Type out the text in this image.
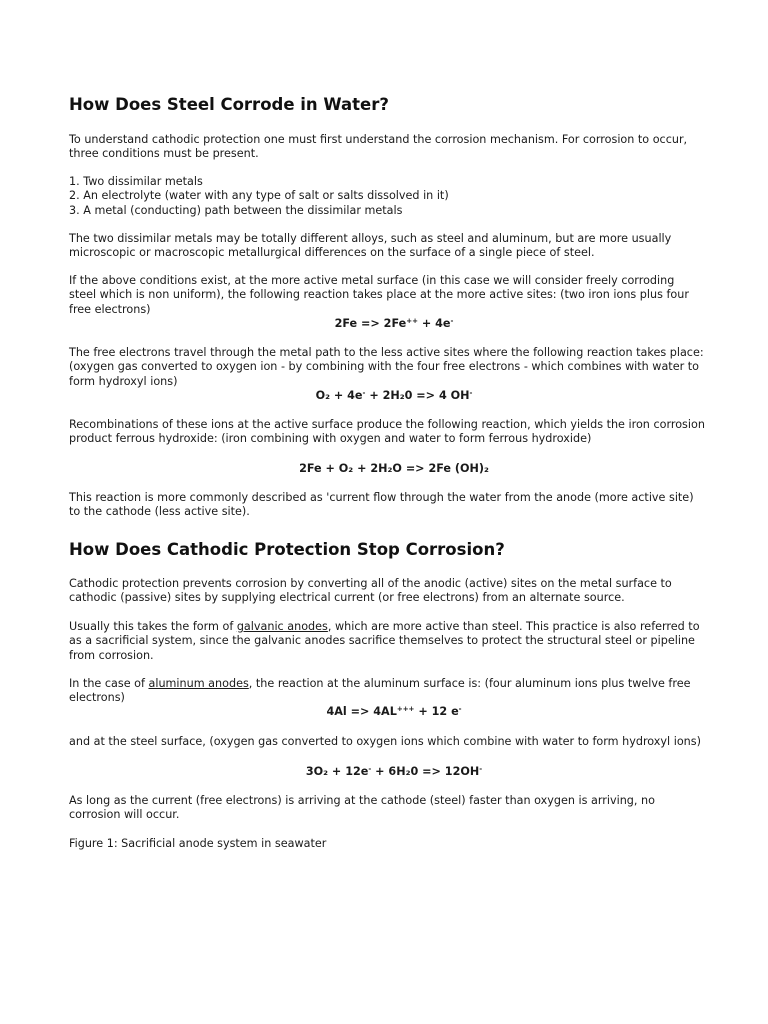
How Does Steel Corrode in Water?
To understand cathodic protection one must first understand the corrosion mechanism. For corrosion to occur,
three conditions must be present.
1. Two dissimilar metals
2. An electrolyte (water with any type of salt or salts dissolved in it)
3. A metal (conducting) path between the dissimilar metals
The two dissimilar metals may be totally different alloys, such as steel and aluminum, but are more usually
microscopic or macroscopic metallurgical differences on the surface of a single piece of steel.
If the above conditions exist, at the more active metal surface (in this case we will consider freely corroding
steel which is non uniform), the following reaction takes place at the more active sites: (two iron ions plus four
free electrons)
2Fe => 2Fe++ + 4e-
The free electrons travel through the metal path to the less active sites where the following reaction takes place:
(oxygen gas converted to oxygen ion - by combining with the four free electrons - which combines with water to
form hydroxyl ions)
O₂ + 4e- + 2H₂0 => 4 OH-
Recombinations of these ions at the active surface produce the following reaction, which yields the iron corrosion
product ferrous hydroxide: (iron combining with oxygen and water to form ferrous hydroxide)
2Fe + O₂ + 2H₂O => 2Fe (OH)₂
This reaction is more commonly described as 'current flow through the water from the anode (more active site)
to the cathode (less active site).
How Does Cathodic Protection Stop Corrosion?
Cathodic protection prevents corrosion by converting all of the anodic (active) sites on the metal surface to
cathodic (passive) sites by supplying electrical current (or free electrons) from an alternate source.
Usually this takes the form of galvanic anodes, which are more active than steel. This practice is also referred to
as a sacrificial system, since the galvanic anodes sacrifice themselves to protect the structural steel or pipeline
from corrosion.
In the case of aluminum anodes, the reaction at the aluminum surface is: (four aluminum ions plus twelve free
electrons)
4Al => 4AL+++ + 12 e-
and at the steel surface, (oxygen gas converted to oxygen ions which combine with water to form hydroxyl ions)
3O₂ + 12e- + 6H₂0 => 12OH-
As long as the current (free electrons) is arriving at the cathode (steel) faster than oxygen is arriving, no
corrosion will occur.
Figure 1: Sacrificial anode system in seawater
